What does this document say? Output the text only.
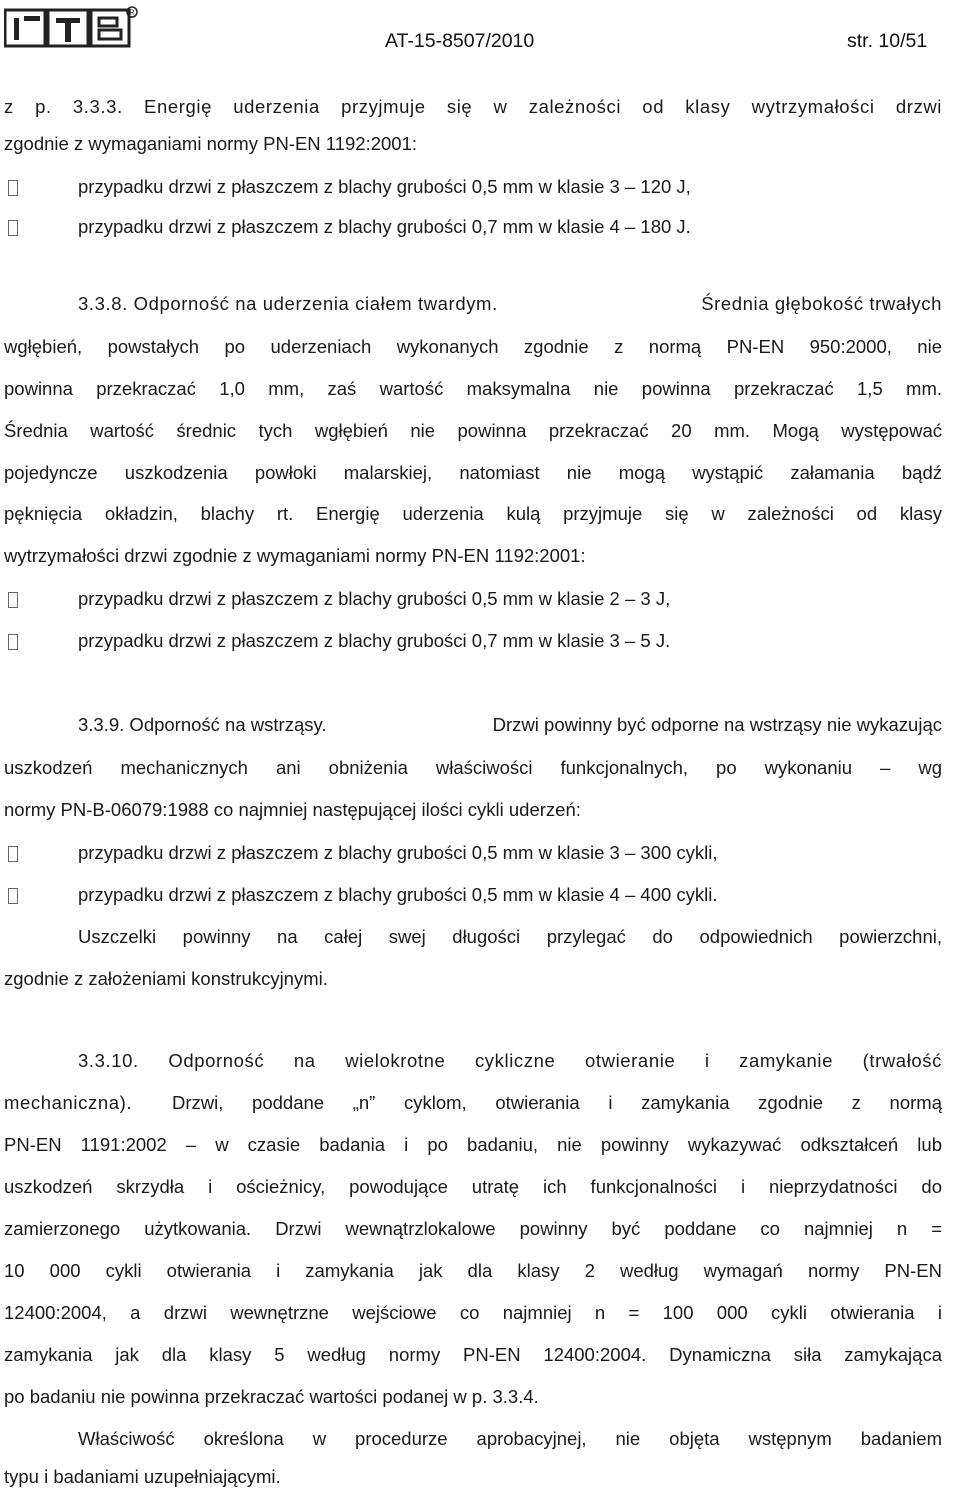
R
AT-15-8507/2010	str. 10/51
z p. 3.3.3. Energię uderzenia przyjmuje się w zależności od klasy wytrzymałości drzwi
zgodnie z wymaganiami normy PN-EN 1192:2001:
przypadku drzwi z płaszczem z blachy grubości 0,5 mm w klasie 3 – 120 J,
przypadku drzwi z płaszczem z blachy grubości 0,7 mm w klasie 4 – 180 J.
3.3.8. Odporność na uderzenia ciałem twardym.	Średnia głębokość trwałych
wgłębień, powstałych po uderzeniach wykonanych zgodnie z normą PN-EN 950:2000, nie
powinna przekraczać 1,0 mm, zaś wartość maksymalna nie powinna przekraczać 1,5 mm.
Średnia wartość średnic tych wgłębień nie powinna przekraczać 20 mm. Mogą występować
pojedyncze uszkodzenia powłoki malarskiej, natomiast nie mogą wystąpić załamania bądź
pęknięcia okładzin, blachy rt. Energię uderzenia kulą przyjmuje się w zależności od klasy
wytrzymałości drzwi zgodnie z wymaganiami normy PN-EN 1192:2001:
przypadku drzwi z płaszczem z blachy grubości 0,5 mm w klasie 2 – 3 J,
przypadku drzwi z płaszczem z blachy grubości 0,7 mm w klasie 3 – 5 J.
3.3.9. Odporność na wstrząsy.	Drzwi powinny być odporne na wstrząsy nie wykazując
uszkodzeń mechanicznych ani obniżenia właściwości funkcjonalnych, po wykonaniu – wg
normy PN-B-06079:1988 co najmniej następującej ilości cykli uderzeń:
przypadku drzwi z płaszczem z blachy grubości 0,5 mm w klasie 3 – 300 cykli,
przypadku drzwi z płaszczem z blachy grubości 0,5 mm w klasie 4 – 400 cykli.
Uszczelki powinny na całej swej długości przylegać do odpowiednich powierzchni,
zgodnie z założeniami konstrukcyjnymi.
3.3.10. Odporność na wielokrotne cykliczne otwieranie i zamykanie (trwałość
mechaniczna). Drzwi, poddane „n” cyklom, otwierania i zamykania zgodnie z normą
PN-EN 1191:2002 – w czasie badania i po badaniu, nie powinny wykazywać odkształceń lub
uszkodzeń skrzydła i ościeżnicy, powodujące utratę ich funkcjonalności i nieprzydatności do
zamierzonego użytkowania. Drzwi wewnątrzlokalowe powinny być poddane co najmniej n =
10 000 cykli otwierania i zamykania jak dla klasy 2 według wymagań normy PN-EN
12400:2004, a drzwi wewnętrzne wejściowe co najmniej n = 100 000 cykli otwierania i
zamykania jak dla klasy 5 według normy PN-EN 12400:2004. Dynamiczna siła zamykająca
po badaniu nie powinna przekraczać wartości podanej w p. 3.3.4.
Właściwość określona w procedurze aprobacyjnej, nie objęta wstępnym badaniem
typu i badaniami uzupełniającymi.
